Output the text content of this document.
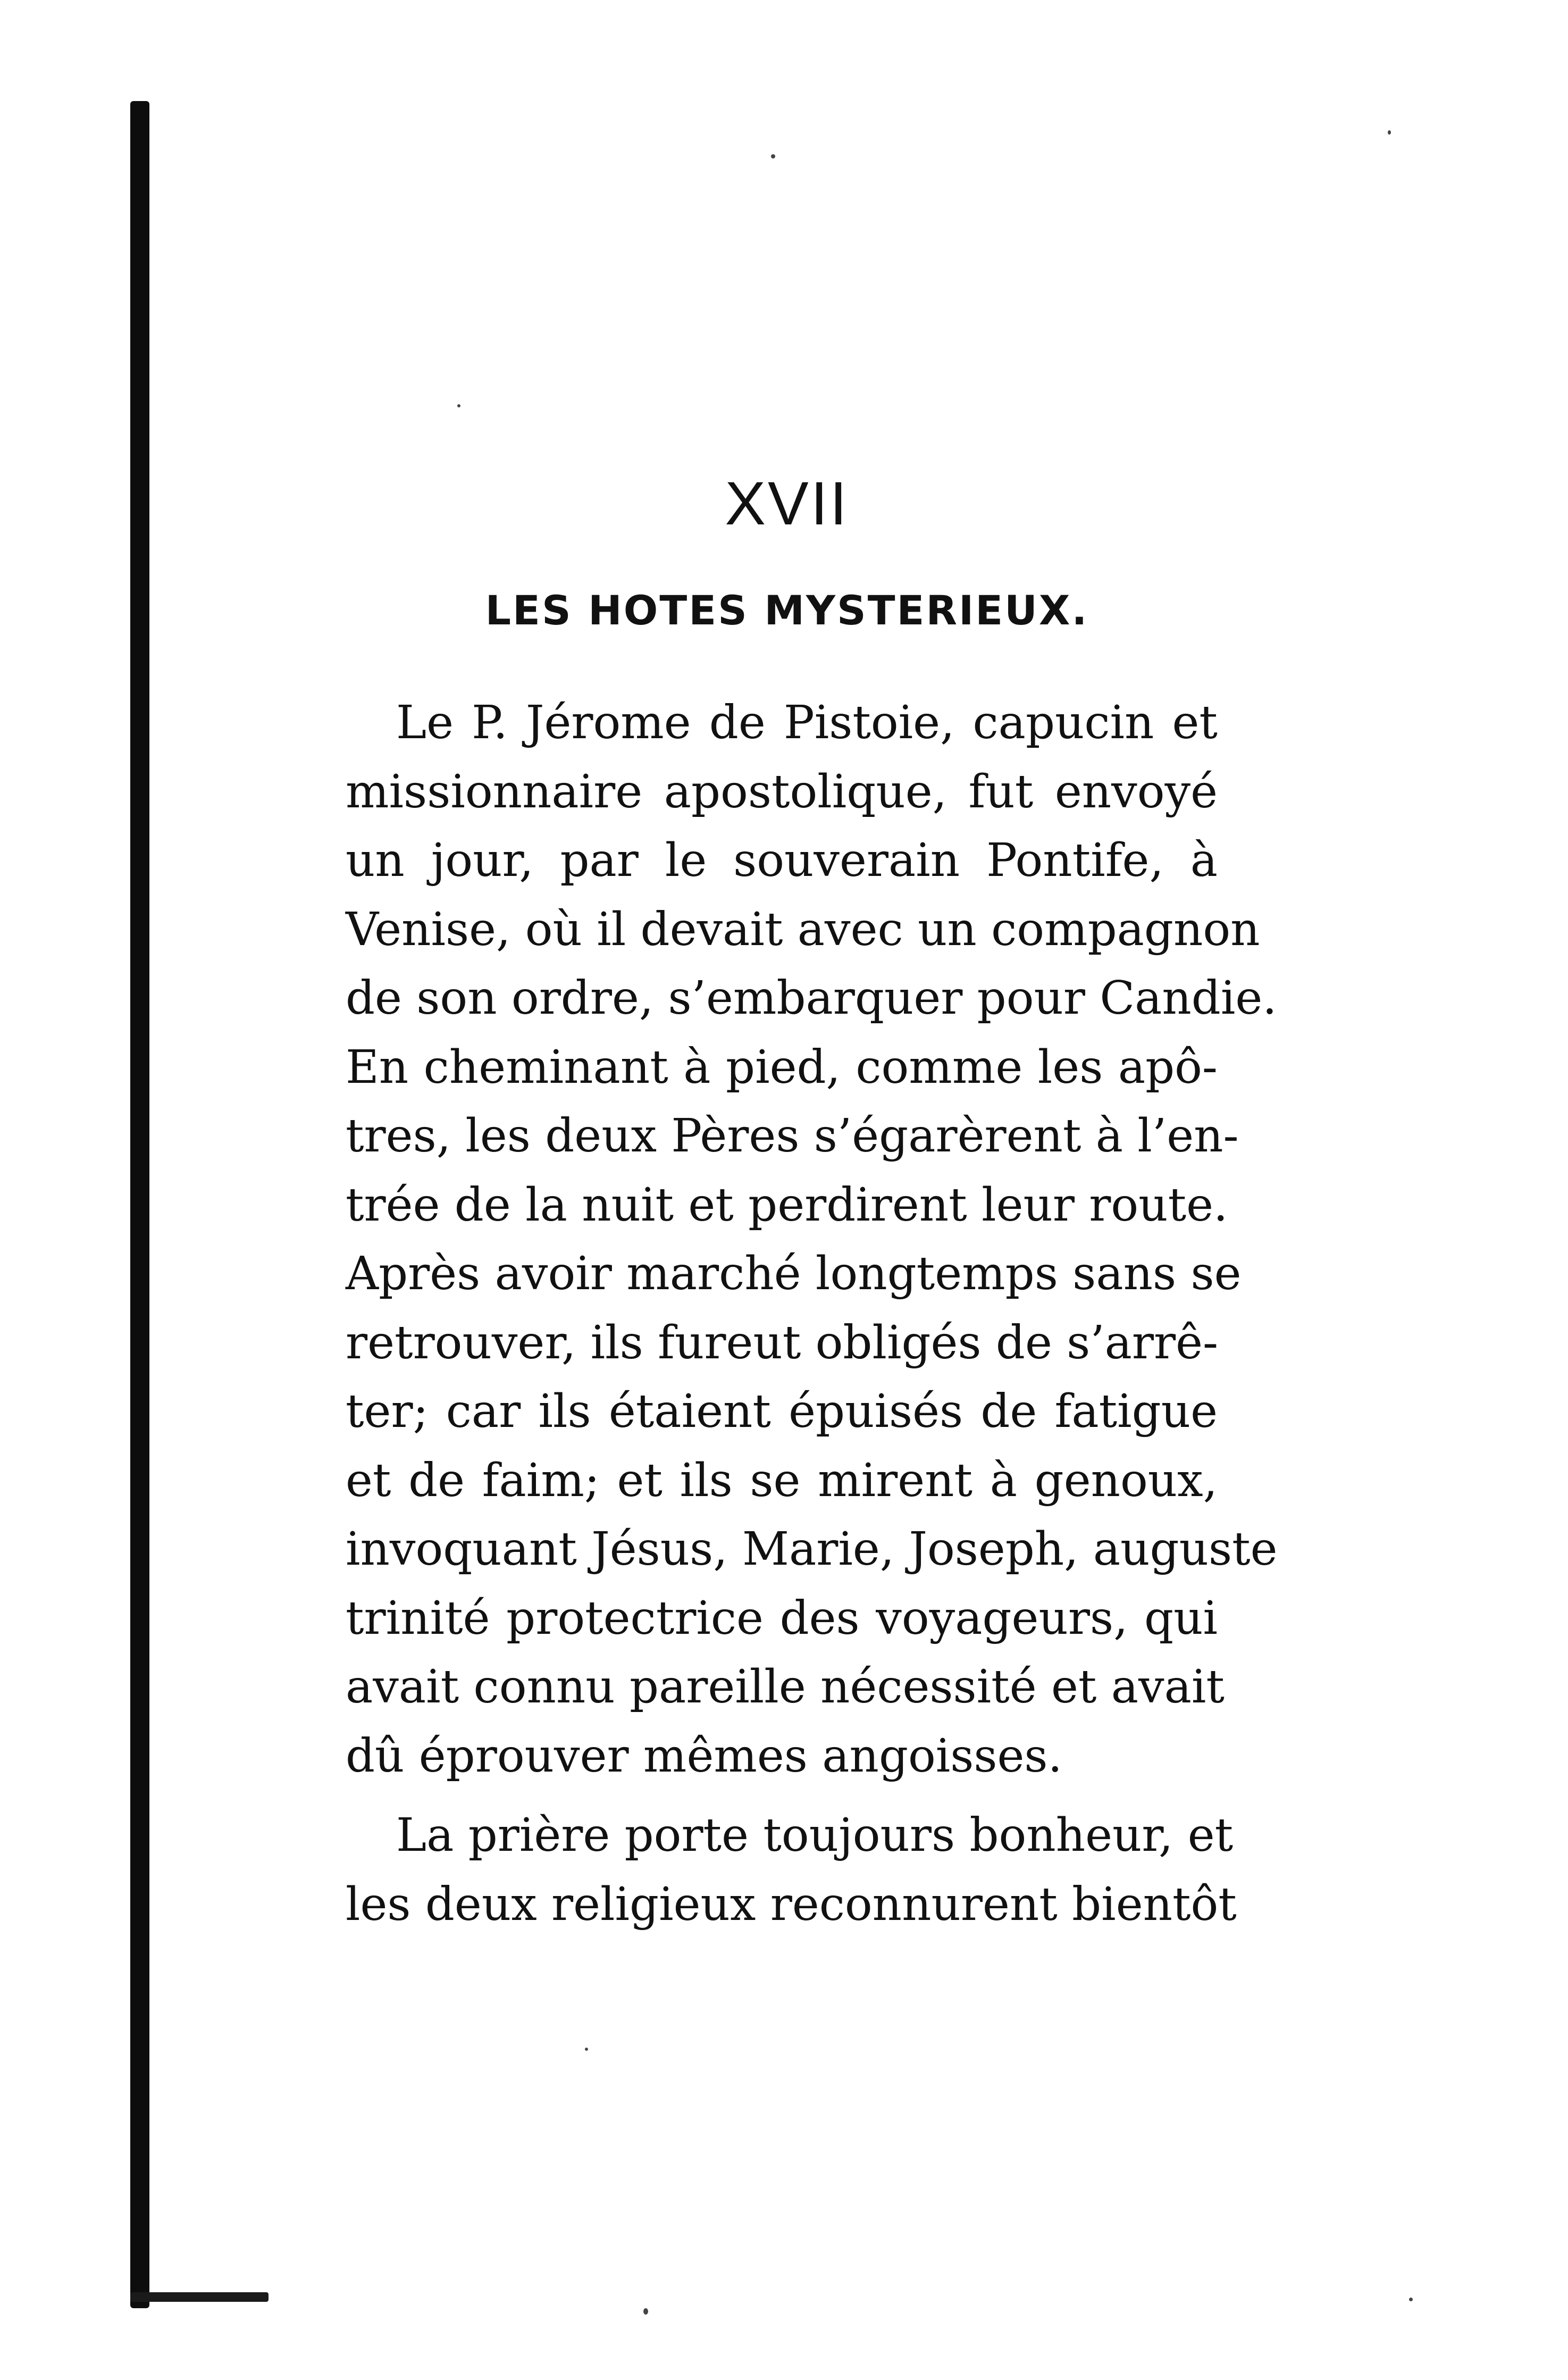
XVII
LES HOTES MYSTERIEUX.
Le P. Jérome de Pistoie, capucin et
missionnaire apostolique, fut envoyé
un jour, par le souverain Pontife, à
Venise, où il devait avec un compagnon
de son ordre, s’embarquer pour Candie.
En cheminant à pied, comme les apô-
tres, les deux Pères s’égarèrent à l’en-
trée de la nuit et perdirent leur route.
Après avoir marché longtemps sans se
retrouver, ils fureut obligés de s’arrê-
ter; car ils étaient épuisés de fatigue
et de faim; et ils se mirent à genoux,
invoquant Jésus, Marie, Joseph, auguste
trinité protectrice des voyageurs, qui
avait connu pareille nécessité et avait
dû éprouver mêmes angoisses.
La prière porte toujours bonheur, et
les deux religieux reconnurent bientôt
